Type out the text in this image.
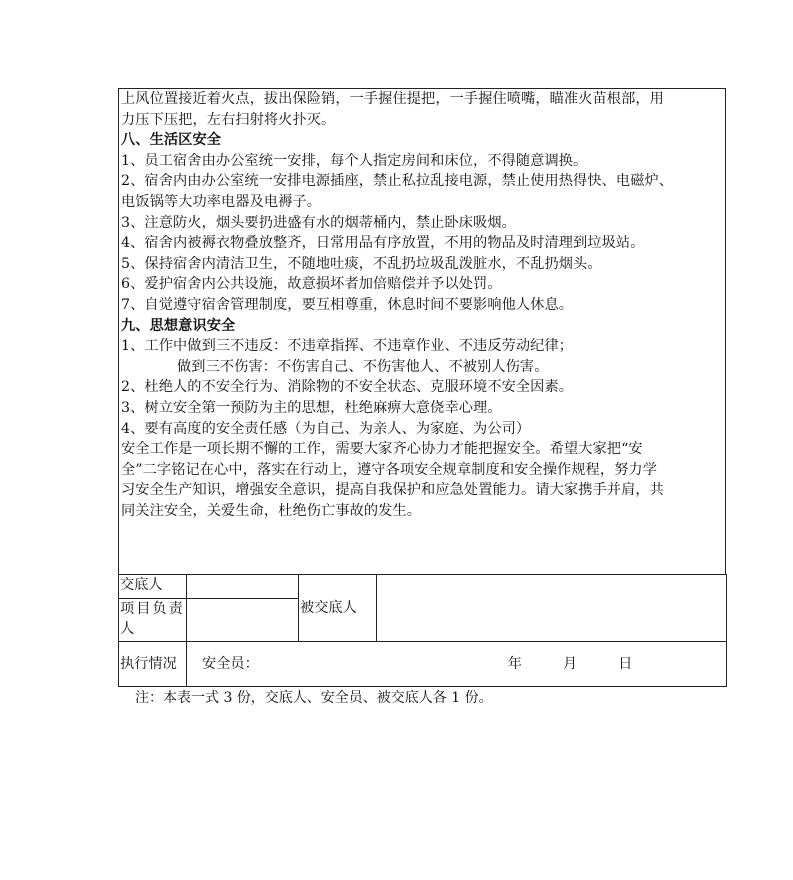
上风位置接近着火点，拔出保险销，一手握住提把，一手握住喷嘴，瞄准火苗根部，用
力压下压把，左右扫射将火扑灭。
八、生活区安全
1、员工宿舍由办公室统一安排，每个人指定房间和床位，不得随意调换。
2、宿舍内由办公室统一安排电源插座，禁止私拉乱接电源，禁止使用热得快、电磁炉、
电饭锅等大功率电器及电褥子。
3、注意防火，烟头要扔进盛有水的烟蒂桶内，禁止卧床吸烟。
4、宿舍内被褥衣物叠放整齐，日常用品有序放置，不用的物品及时清理到垃圾站。
5、保持宿舍内清洁卫生，不随地吐痰，不乱扔垃圾乱泼脏水，不乱扔烟头。
6、爱护宿舍内公共设施，故意损坏者加倍赔偿并予以处罚。
7、自觉遵守宿舍管理制度，要互相尊重，休息时间不要影响他人休息。
九、思想意识安全
1、工作中做到三不违反：不违章指挥、不违章作业、不违反劳动纪律；
做到三不伤害：不伤害自己、不伤害他人、不被别人伤害。
2、杜绝人的不安全行为、消除物的不安全状态、克服环境不安全因素。
3、树立安全第一预防为主的思想，杜绝麻痹大意侥幸心理。
4、要有高度的安全责任感（为自己、为亲人、为家庭、为公司）
安全工作是一项长期不懈的工作，需要大家齐心协力才能把握安全。希望大家把“安
全”二字铭记在心中，落实在行动上，遵守各项安全规章制度和安全操作规程，努力学
习安全生产知识，增强安全意识，提高自我保护和应急处置能力。请大家携手并肩，共
同关注安全，关爱生命，杜绝伤亡事故的发生。
交底人		被交底人	
项目负责人			
执行情况	安全员： 年 月 日		
注：本表一式 3 份，交底人、安全员、被交底人各 1 份。
